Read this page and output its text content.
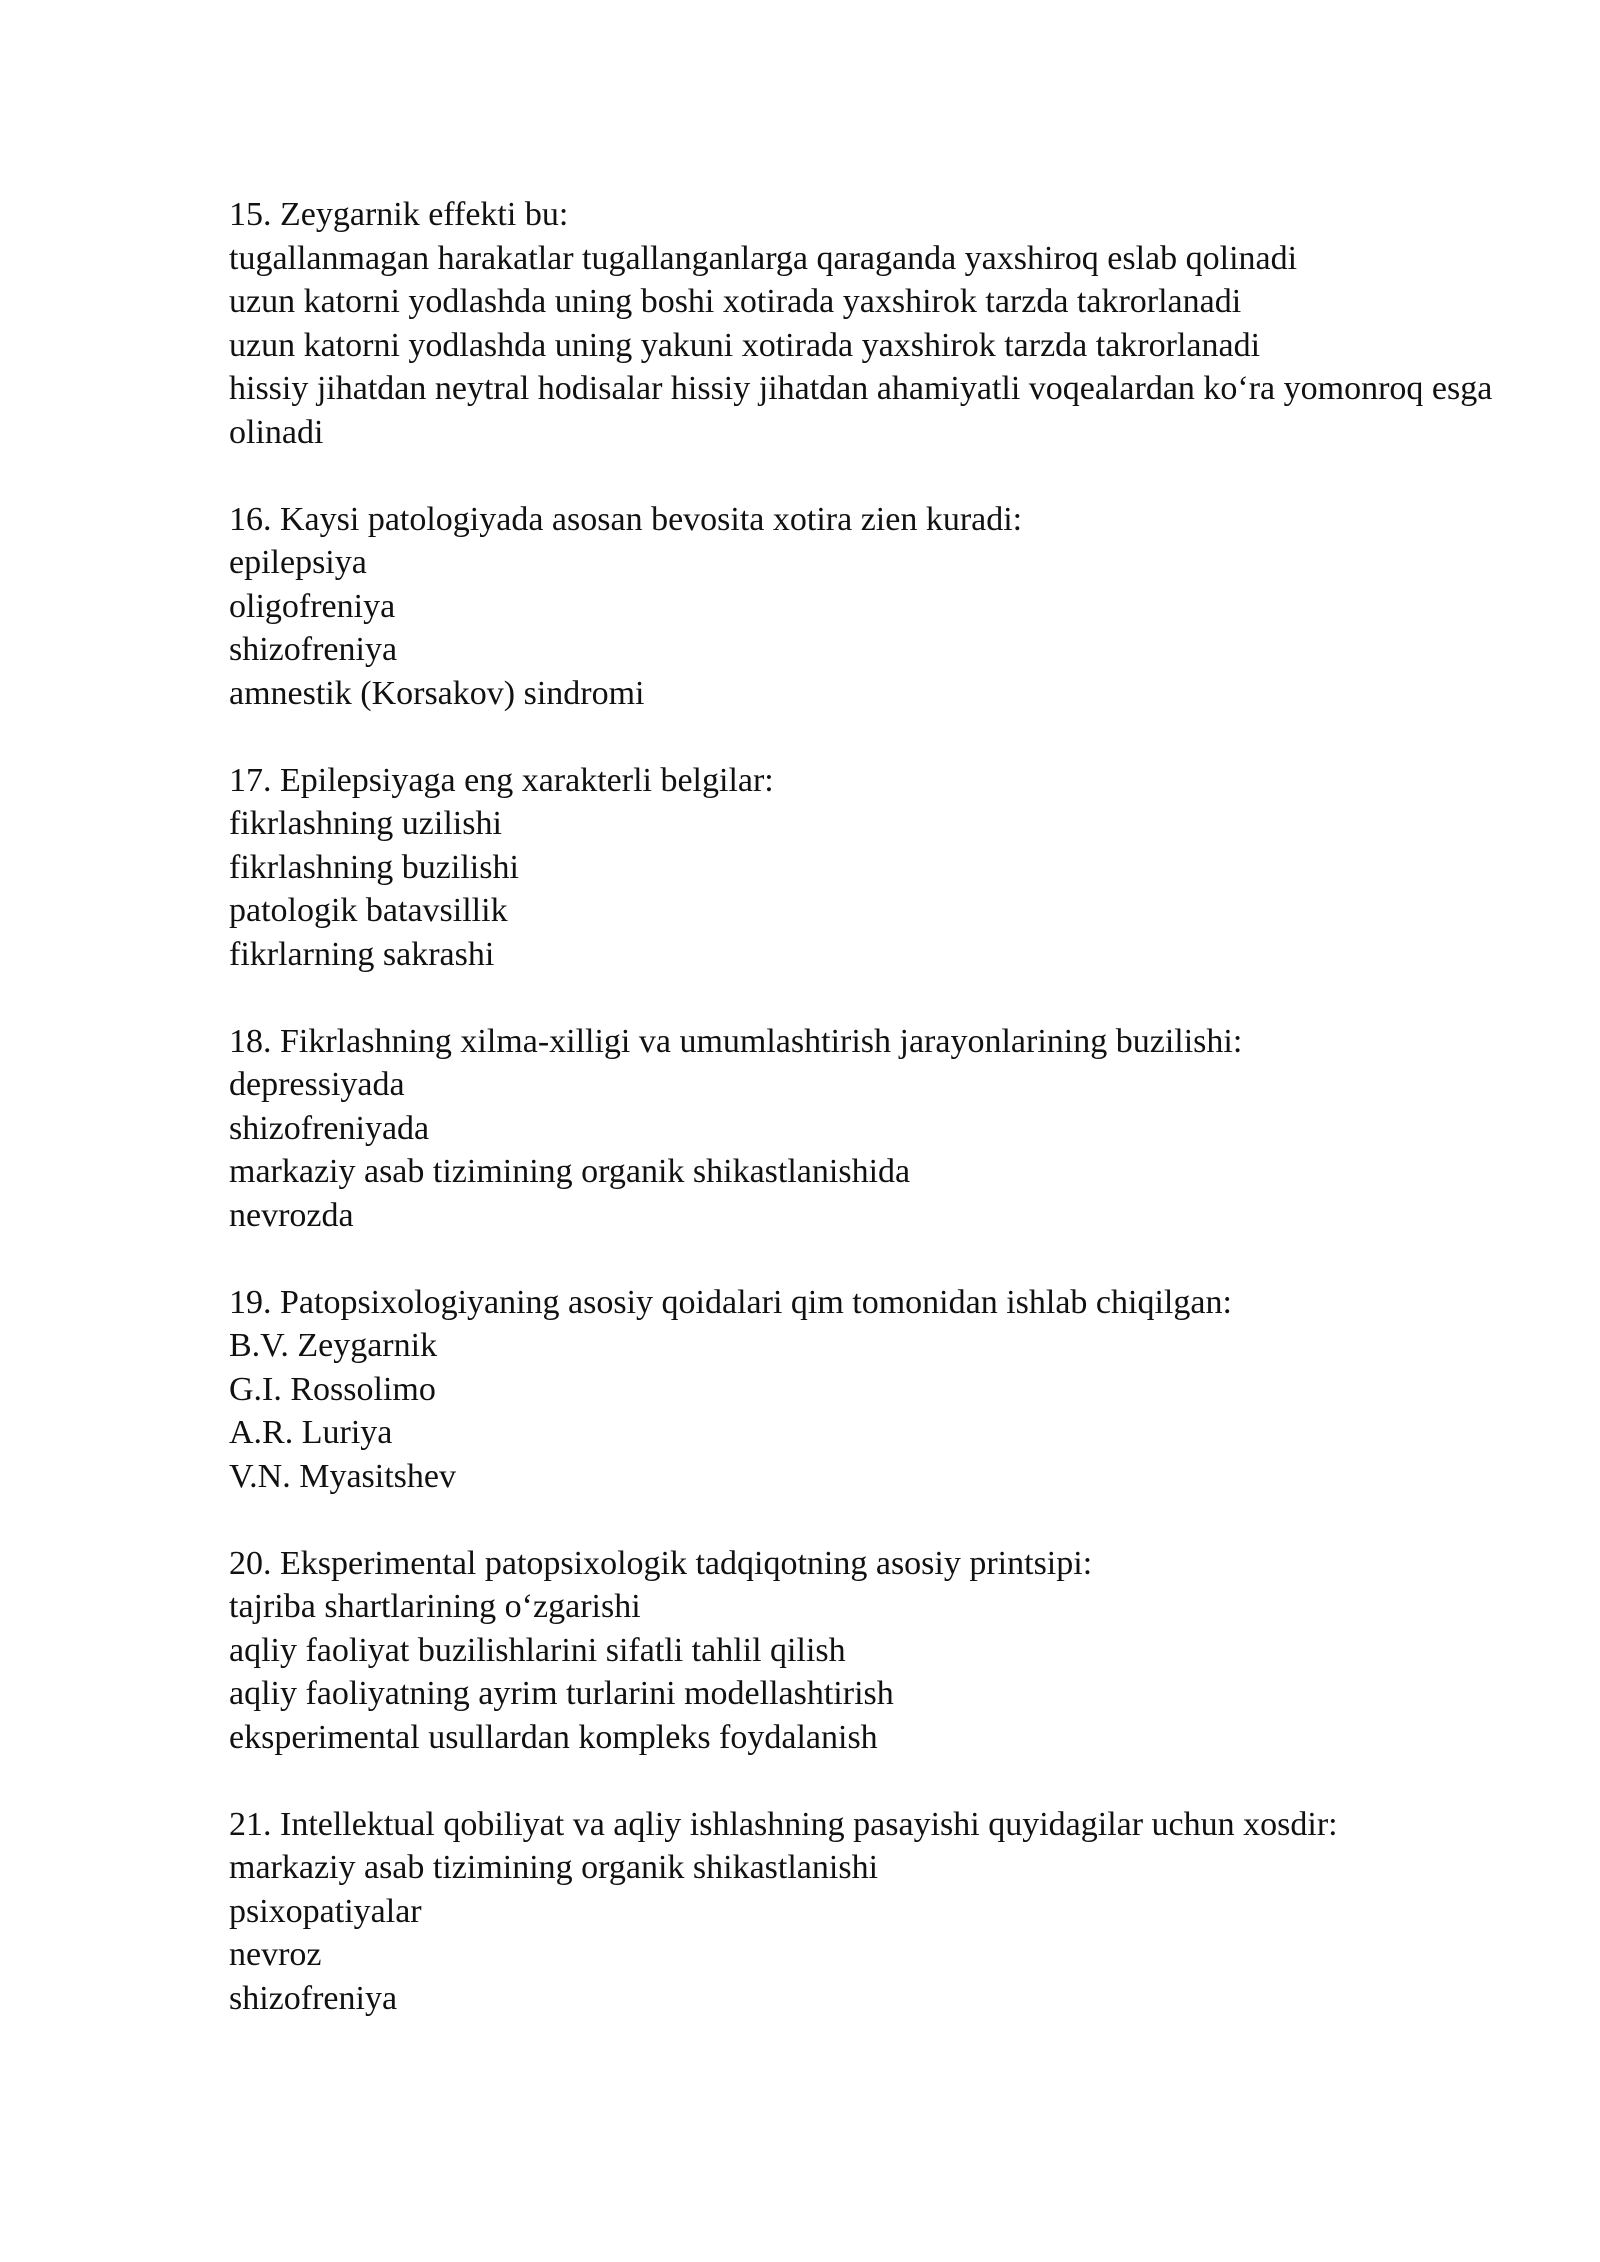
15. Zeygarnik effekti bu:
tugallanmagan harakatlar tugallanganlarga qaraganda yaxshiroq eslab qolinadi
uzun katorni yodlashda uning boshi xotirada yaxshirok tarzda takrorlanadi
uzun katorni yodlashda uning yakuni xotirada yaxshirok tarzda takrorlanadi
hissiy jihatdan neytral hodisalar hissiy jihatdan ahamiyatli voqealardan ko‘ra yomonroq esga olinadi
16. Kaysi patologiyada asosan bevosita xotira zien kuradi:
epilepsiya
oligofreniya
shizofreniya
amnestik (Korsakov) sindromi
17. Epilepsiyaga eng xarakterli belgilar:
fikrlashning uzilishi
fikrlashning buzilishi
patologik batavsillik
fikrlarning sakrashi
18. Fikrlashning xilma-xilligi va umumlashtirish jarayonlarining buzilishi:
depressiyada
shizofreniyada
markaziy asab tizimining organik shikastlanishida
nevrozda
19. Patopsixologiyaning asosiy qoidalari qim tomonidan ishlab chiqilgan:
B.V. Zeygarnik
G.I. Rossolimo
A.R. Luriya
V.N. Myasitshev
20. Eksperimental patopsixologik tadqiqotning asosiy printsipi:
tajriba shartlarining o‘zgarishi
aqliy faoliyat buzilishlarini sifatli tahlil qilish
aqliy faoliyatning ayrim turlarini modellashtirish
eksperimental usullardan kompleks foydalanish
21. Intellektual qobiliyat va aqliy ishlashning pasayishi quyidagilar uchun xosdir:
markaziy asab tizimining organik shikastlanishi
psixopatiyalar
nevroz
shizofreniya
